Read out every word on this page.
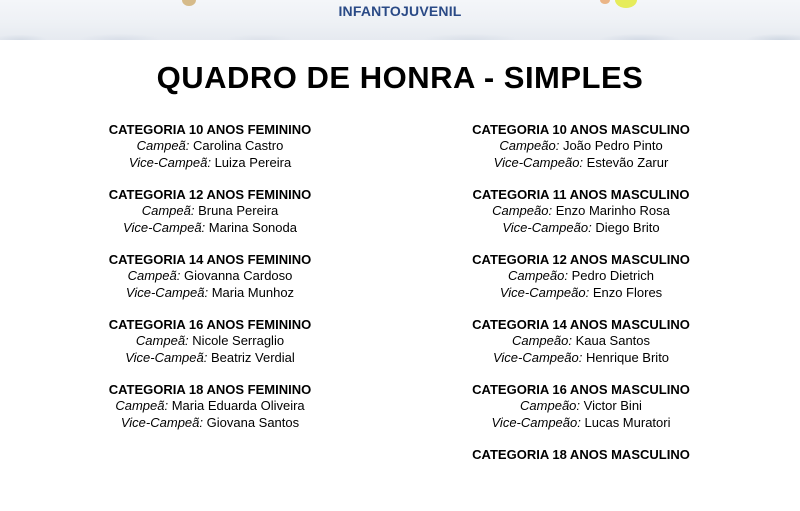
INFANTOJUVENIL
QUADRO DE HONRA - SIMPLES
CATEGORIA 10 ANOS FEMININO
Campeã: Carolina Castro
Vice-Campeã: Luiza Pereira
CATEGORIA 12 ANOS FEMININO
Campeã: Bruna Pereira
Vice-Campeã: Marina Sonoda
CATEGORIA 14 ANOS FEMININO
Campeã: Giovanna Cardoso
Vice-Campeã: Maria Munhoz
CATEGORIA 16 ANOS FEMININO
Campeã: Nicole Serraglio
Vice-Campeã: Beatriz Verdial
CATEGORIA 18 ANOS FEMININO
Campeã: Maria Eduarda Oliveira
Vice-Campeã: Giovana Santos
CATEGORIA 10 ANOS MASCULINO
Campeão: João Pedro Pinto
Vice-Campeão: Estevão Zarur
CATEGORIA 11 ANOS MASCULINO
Campeão: Enzo Marinho Rosa
Vice-Campeão: Diego Brito
CATEGORIA 12 ANOS MASCULINO
Campeão: Pedro Dietrich
Vice-Campeão: Enzo Flores
CATEGORIA 14 ANOS MASCULINO
Campeão: Kaua Santos
Vice-Campeão: Henrique Brito
CATEGORIA 16 ANOS MASCULINO
Campeão: Victor Bini
Vice-Campeão: Lucas Muratori
CATEGORIA 18 ANOS MASCULINO
